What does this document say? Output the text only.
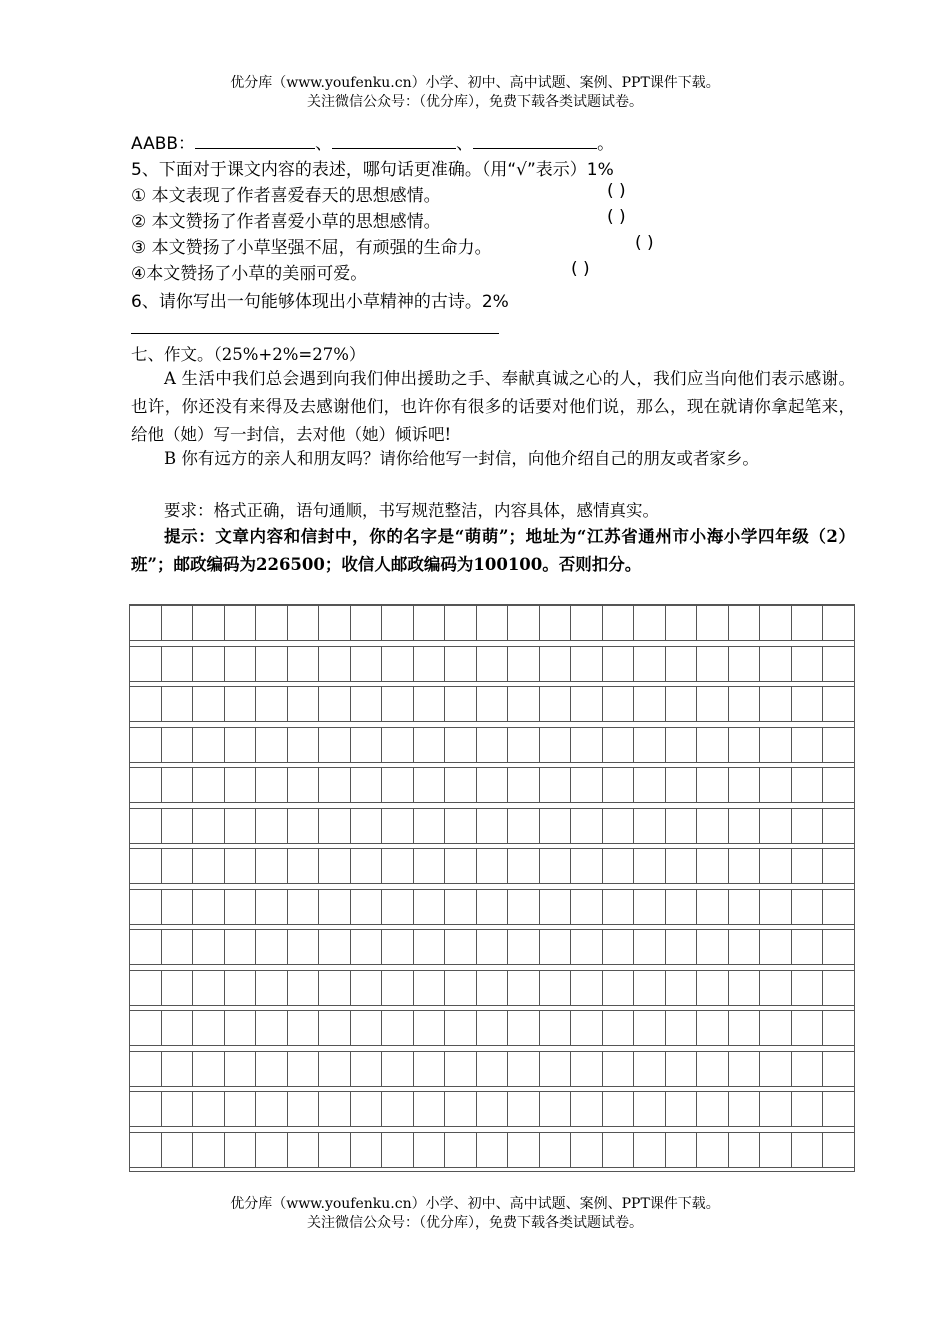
优分库（www.youfenku.cn）小学、初中、高中试题、案例、PPT课件下载。
关注微信公众号：（优分库），免费下载各类试题试卷。
AABB：	、	、	。
5、下面对于课文内容的表述，哪句话更准确。（用“√”表示）1%
① 本文表现了作者喜爱春天的思想感情。	( )
② 本文赞扬了作者喜爱小草的思想感情。	( )
③ 本文赞扬了小草坚强不屈，有顽强的生命力。	( )
④本文赞扬了小草的美丽可爱。	( )
6、请你写出一句能够体现出小草精神的古诗。2%
七、作文。（25%+2%=27%）
A 生活中我们总会遇到向我们伸出援助之手、奉献真诚之心的人，我们应当向他们表示感谢。也许，你还没有来得及去感谢他们，也许你有很多的话要对他们说，那么，现在就请你拿起笔来，给他（她）写一封信，去对他（她）倾诉吧!
B 你有远方的亲人和朋友吗？请你给他写一封信，向他介绍自己的朋友或者家乡。
要求：格式正确，语句通顺，书写规范整洁，内容具体，感情真实。
提示：文章内容和信封中，你的名字是“萌萌”；地址为“江苏省通州市小海小学四年级（2）班”；邮政编码为226500；收信人邮政编码为100100。否则扣分。
优分库（www.youfenku.cn）小学、初中、高中试题、案例、PPT课件下载。
关注微信公众号：（优分库），免费下载各类试题试卷。
